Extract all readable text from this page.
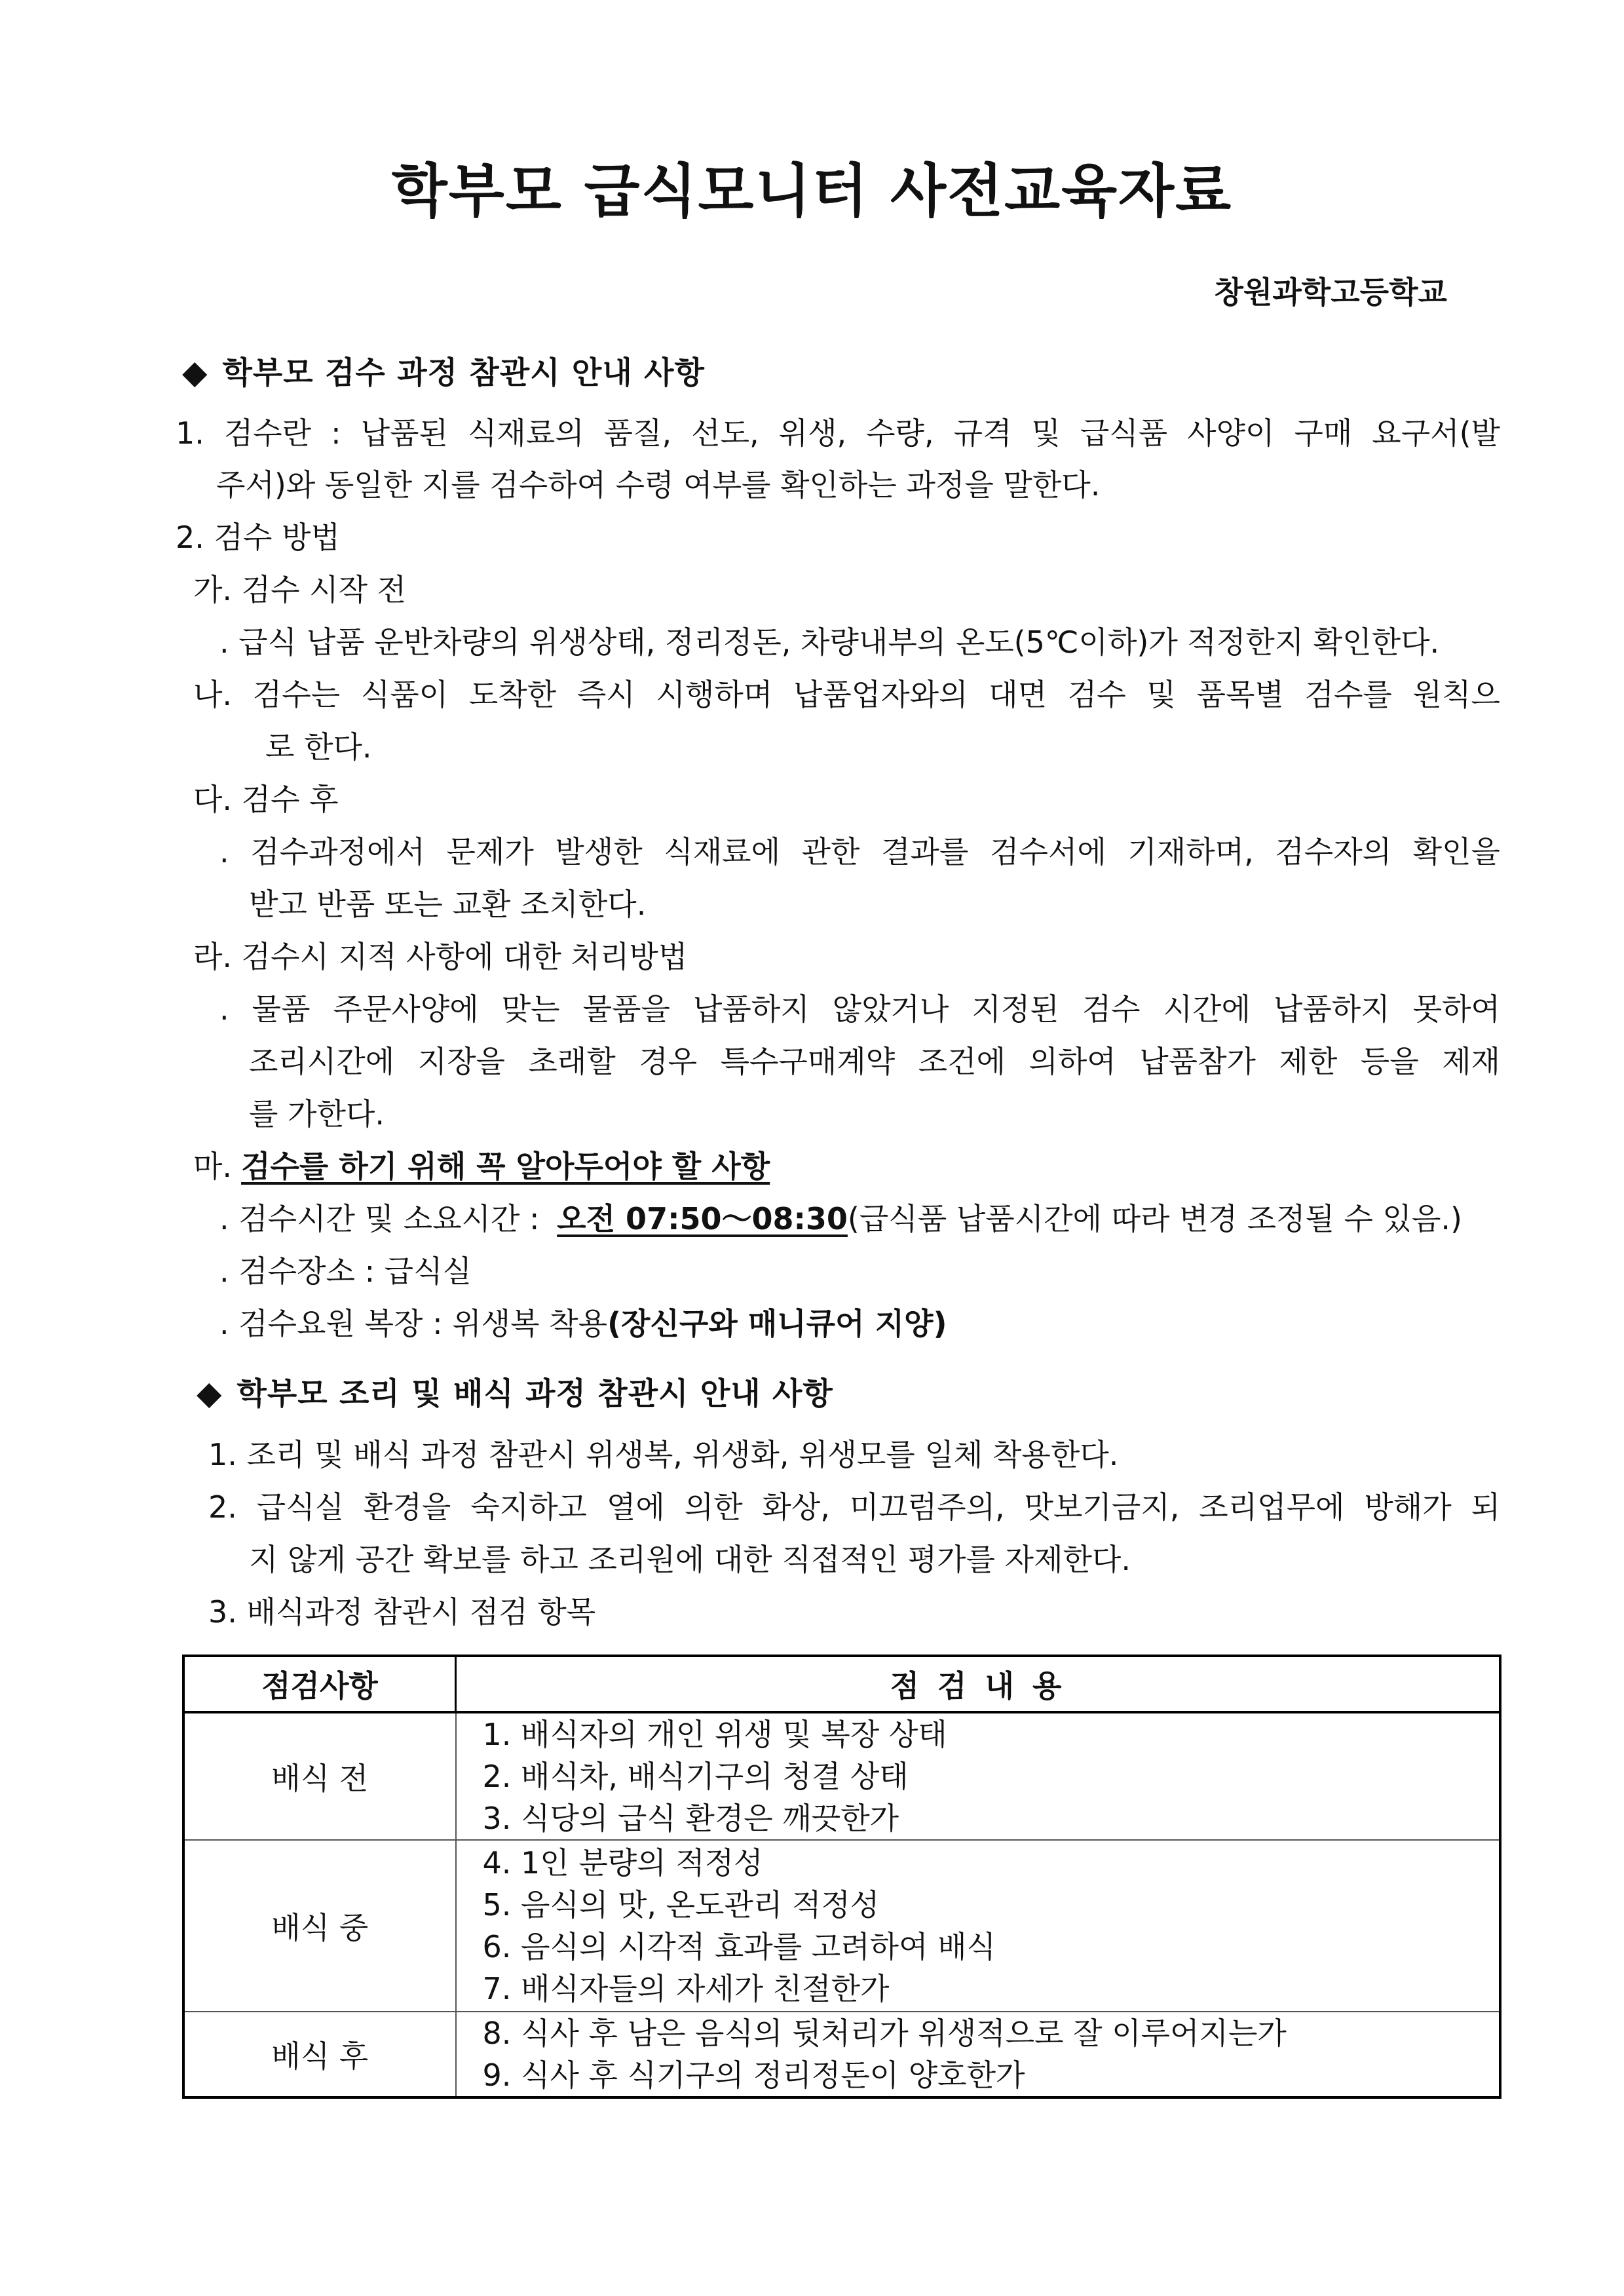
학부모 급식모니터 사전교육자료
창원과학고등학교
◆ 학부모 검수 과정 참관시 안내 사항
1. 검수란 : 납품된 식재료의 품질, 선도, 위생, 수량, 규격 및 급식품 사양이 구매 요구서(발
주서)와 동일한 지를 검수하여 수령 여부를 확인하는 과정을 말한다.
2. 검수 방법
가. 검수 시작 전
. 급식 납품 운반차량의 위생상태, 정리정돈, 차량내부의 온도(5℃이하)가 적정한지 확인한다.
나. 검수는 식품이 도착한 즉시 시행하며 납품업자와의 대면 검수 및 품목별 검수를 원칙으
로 한다.
다. 검수 후
. 검수과정에서 문제가 발생한 식재료에 관한 결과를 검수서에 기재하며, 검수자의 확인을
받고 반품 또는 교환 조치한다.
라. 검수시 지적 사항에 대한 처리방법
. 물품 주문사양에 맞는 물품을 납품하지 않았거나 지정된 검수 시간에 납품하지 못하여
조리시간에 지장을 초래할 경우 특수구매계약 조건에 의하여 납품참가 제한 등을 제재
를 가한다.
마. 검수를 하기 위해 꼭 알아두어야 할 사항
. 검수시간 및 소요시간 : 오전 07:50～08:30(급식품 납품시간에 따라 변경 조정될 수 있음.)
. 검수장소 : 급식실
. 검수요원 복장 : 위생복 착용(장신구와 매니큐어 지양)
◆ 학부모 조리 및 배식 과정 참관시 안내 사항
1. 조리 및 배식 과정 참관시 위생복, 위생화, 위생모를 일체 착용한다.
2. 급식실 환경을 숙지하고 열에 의한 화상, 미끄럼주의, 맛보기금지, 조리업무에 방해가 되
지 않게 공간 확보를 하고 조리원에 대한 직접적인 평가를 자제한다.
3. 배식과정 참관시 점검 항목
점검사항	점 검 내 용
배식 전	1. 배식자의 개인 위생 및 복장 상태
2. 배식차, 배식기구의 청결 상태
3. 식당의 급식 환경은 깨끗한가

배식 중	4. 1인 분량의 적정성
5. 음식의 맛, 온도관리 적정성
6. 음식의 시각적 효과를 고려하여 배식
7. 배식자들의 자세가 친절한가

배식 후	8. 식사 후 남은 음식의 뒷처리가 위생적으로 잘 이루어지는가
9. 식사 후 식기구의 정리정돈이 양호한가
